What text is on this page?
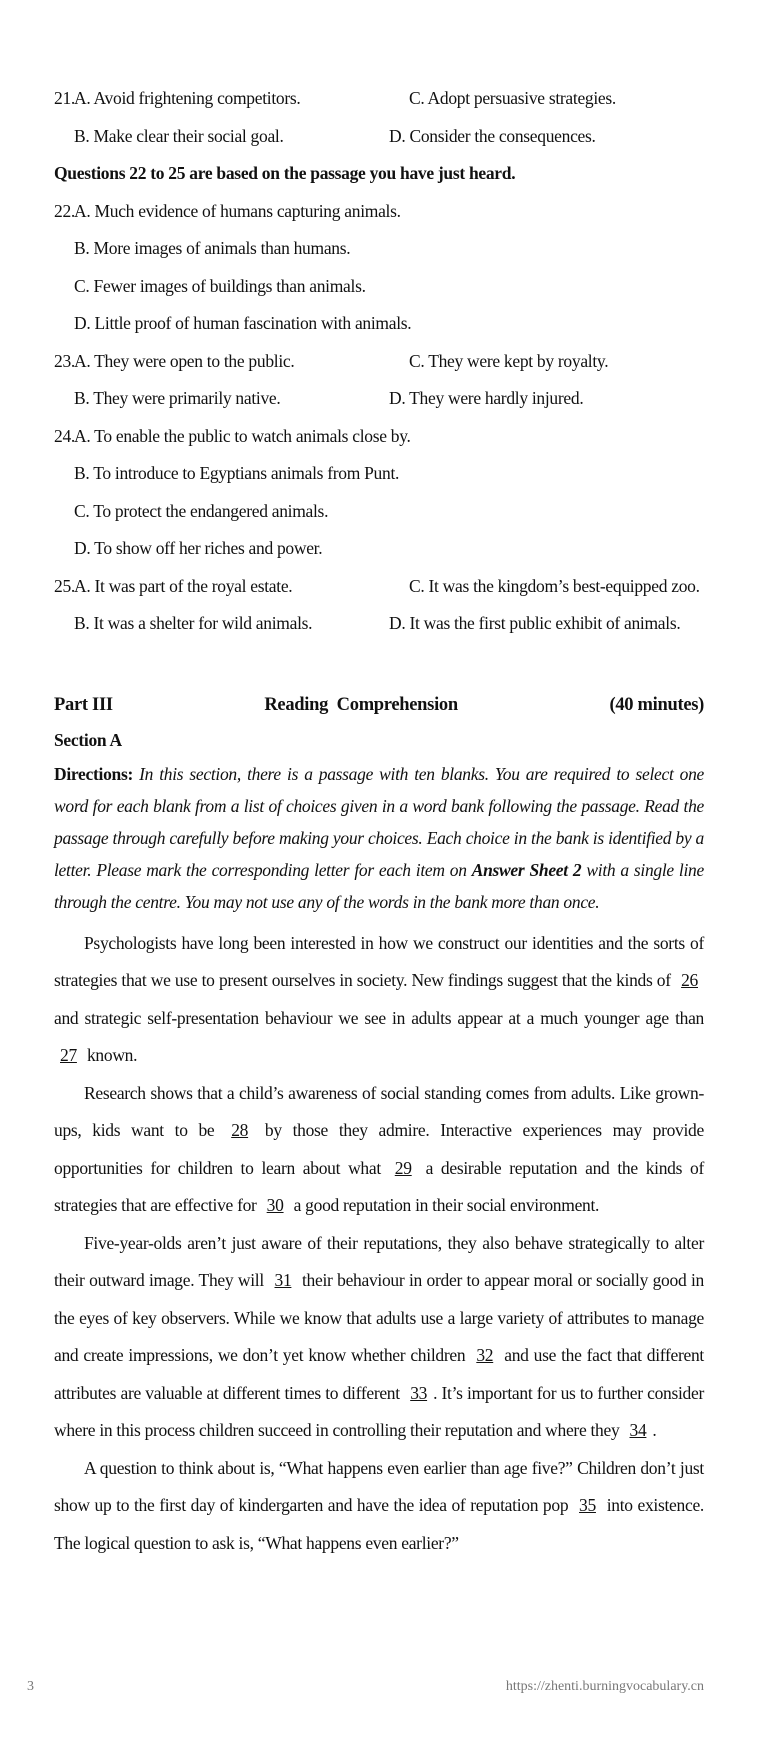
21. A. Avoid frightening competitors.	C. Adopt persuasive strategies.
B. Make clear their social goal.	D. Consider the consequences.
Questions 22 to 25 are based on the passage you have just heard.
22. A. Much evidence of humans capturing animals.
B. More images of animals than humans.
C. Fewer images of buildings than animals.
D. Little proof of human fascination with animals.
23. A. They were open to the public.	C. They were kept by royalty.
B. They were primarily native.	D. They were hardly injured.
24. A. To enable the public to watch animals close by.
B. To introduce to Egyptians animals from Punt.
C. To protect the endangered animals.
D. To show off her riches and power.
25. A. It was part of the royal estate.	C. It was the kingdom’s best-equipped zoo.
B. It was a shelter for wild animals.	D. It was the first public exhibit of animals.
Part III	Reading  Comprehension	(40 minutes)
Section A
Directions: In this section, there is a passage with ten blanks. You are required to select one word for each blank from a list of choices given in a word bank following the passage. Read the passage through carefully before making your choices. Each choice in the bank is identified by a letter. Please mark the corresponding letter for each item on Answer Sheet 2 with a single line through the centre. You may not use any of the words in the bank more than once.

Psychologists have long been interested in how we construct our identities and the sorts of strategies that we use to present ourselves in society. New findings suggest that the kinds of 26 and strategic self-presentation behaviour we see in adults appear at a much younger age than 27 known.

Research shows that a child’s awareness of social standing comes from adults. Like grown-ups, kids want to be 28 by those they admire. Interactive experiences may provide opportunities for children to learn about what 29 a desirable reputation and the kinds of strategies that are effective for 30 a good reputation in their social environment.

Five-year-olds aren’t just aware of their reputations, they also behave strategically to alter their outward image. They will 31 their behaviour in order to appear moral or socially good in the eyes of key observers. While we know that adults use a large variety of attributes to manage and create impressions, we don’t yet know whether children 32 and use the fact that different attributes are valuable at different times to different 33 . It’s important for us to further consider where in this process children succeed in controlling their reputation and where they 34 .

A question to think about is, “What happens even earlier than age five?” Children don’t just show up to the first day of kindergarten and have the idea of reputation pop 35 into existence. The logical question to ask is, “What happens even earlier?”

3	https://zhenti.burningvocabulary.cn
